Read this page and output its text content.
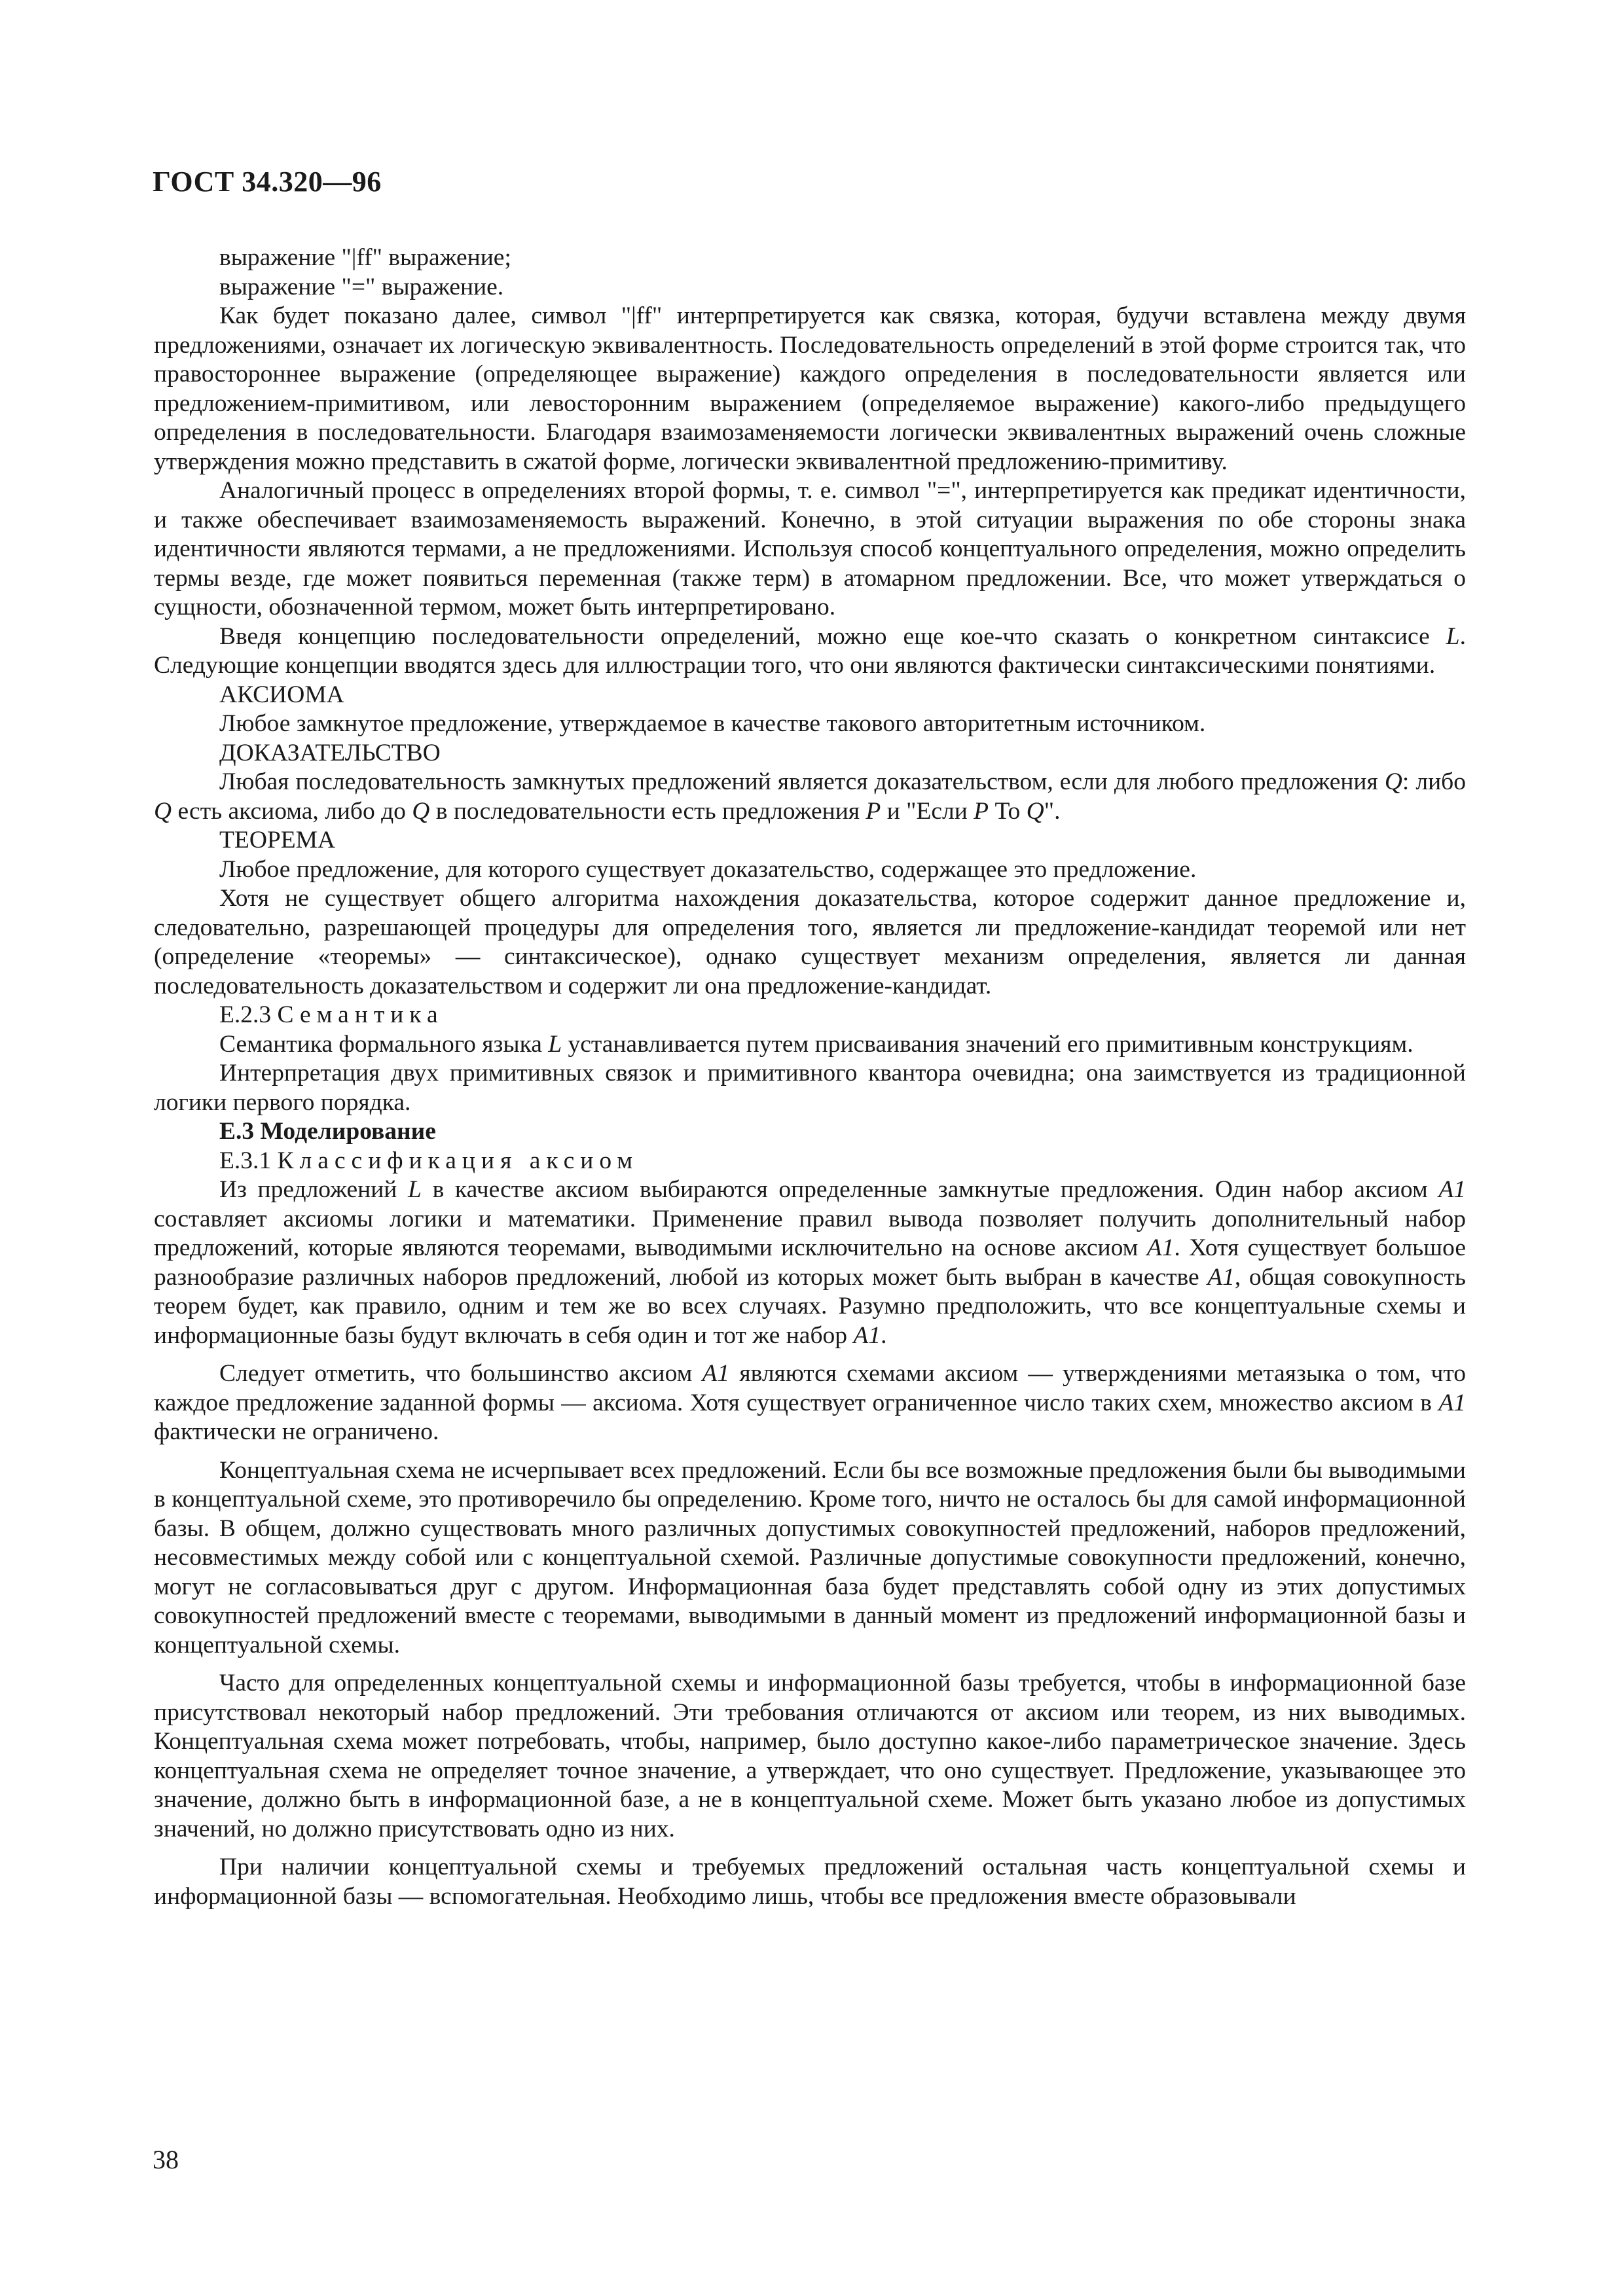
ГОСТ 34.320—96

выражение "|ff" выражение;

выражение "=" выражение.

Как будет показано далее, символ "|ff" интерпретируется как связка, которая, будучи вставлена между двумя предложениями, означает их логическую эквивалентность. Последовательность определений в этой форме строится так, что правостороннее выражение (определяющее выражение) каждого определения в последовательности является или предложением-примитивом, или левосторонним выражением (определяемое выражение) какого-либо предыдущего определения в последовательности. Благодаря взаимозаменяемости логически эквивалентных выражений очень сложные утверждения можно представить в сжатой форме, логически эквивалентной предложению-примитиву.

Аналогичный процесс в определениях второй формы, т. е. символ "=", интерпретируется как предикат идентичности, и также обеспечивает взаимозаменяемость выражений. Конечно, в этой ситуации выражения по обе стороны знака идентичности являются термами, а не предложениями. Используя способ концептуального определения, можно определить термы везде, где может появиться переменная (также терм) в атомарном предложении. Все, что может утверждаться о сущности, обозначенной термом, может быть интерпретировано.

Введя концепцию последовательности определений, можно еще кое-что сказать о конкретном синтаксисе L. Следующие концепции вводятся здесь для иллюстрации того, что они являются фактически синтаксическими понятиями.

АКСИОМА

Любое замкнутое предложение, утверждаемое в качестве такового авторитетным источником.

ДОКАЗАТЕЛЬСТВО

Любая последовательность замкнутых предложений является доказательством, если для любого предложения Q: либо Q есть аксиома, либо до Q в последовательности есть предложения P и "Если P То Q".

ТЕОРЕМА

Любое предложение, для которого существует доказательство, содержащее это предложение.

Хотя не существует общего алгоритма нахождения доказательства, которое содержит данное предложение и, следовательно, разрешающей процедуры для определения того, является ли предложение-кандидат теоремой или нет (определение «теоремы» — синтаксическое), однако существует механизм определения, является ли данная последовательность доказательством и содержит ли она предложение-кандидат.

Е.2.3 Семантика

Семантика формального языка L устанавливается путем присваивания значений его примитивным конструкциям.

Интерпретация двух примитивных связок и примитивного квантора очевидна; она заимствуется из традиционной логики первого порядка.

Е.3 Моделирование

Е.3.1 Классификация аксиом

Из предложений L в качестве аксиом выбираются определенные замкнутые предложения. Один набор аксиом A1 составляет аксиомы логики и математики. Применение правил вывода позволяет получить дополнительный набор предложений, которые являются теоремами, выводимыми исключительно на основе аксиом A1. Хотя существует большое разнообразие различных наборов предложений, любой из которых может быть выбран в качестве A1, общая совокупность теорем будет, как правило, одним и тем же во всех случаях. Разумно предположить, что все концептуальные схемы и информационные базы будут включать в себя один и тот же набор A1.

Следует отметить, что большинство аксиом A1 являются схемами аксиом — утверждениями метаязыка о том, что каждое предложение заданной формы — аксиома. Хотя существует ограниченное число таких схем, множество аксиом в A1 фактически не ограничено.

Концептуальная схема не исчерпывает всех предложений. Если бы все возможные предложения были бы выводимыми в концептуальной схеме, это противоречило бы определению. Кроме того, ничто не осталось бы для самой информационной базы. В общем, должно существовать много различных допустимых совокупностей предложений, наборов предложений, несовместимых между собой или с концептуальной схемой. Различные допустимые совокупности предложений, конечно, могут не согласовываться друг с другом. Информационная база будет представлять собой одну из этих допустимых совокупностей предложений вместе с теоремами, выводимыми в данный момент из предложений информационной базы и концептуальной схемы.

Часто для определенных концептуальной схемы и информационной базы требуется, чтобы в информационной базе присутствовал некоторый набор предложений. Эти требования отличаются от аксиом или теорем, из них выводимых. Концептуальная схема может потребовать, чтобы, например, было доступно какое-либо параметрическое значение. Здесь концептуальная схема не определяет точное значение, а утверждает, что оно существует. Предложение, указывающее это значение, должно быть в информационной базе, а не в концептуальной схеме. Может быть указано любое из допустимых значений, но должно присутствовать одно из них.

При наличии концептуальной схемы и требуемых предложений остальная часть концептуальной схемы и информационной базы — вспомогательная. Необходимо лишь, чтобы все предложения вместе образовывали

38
